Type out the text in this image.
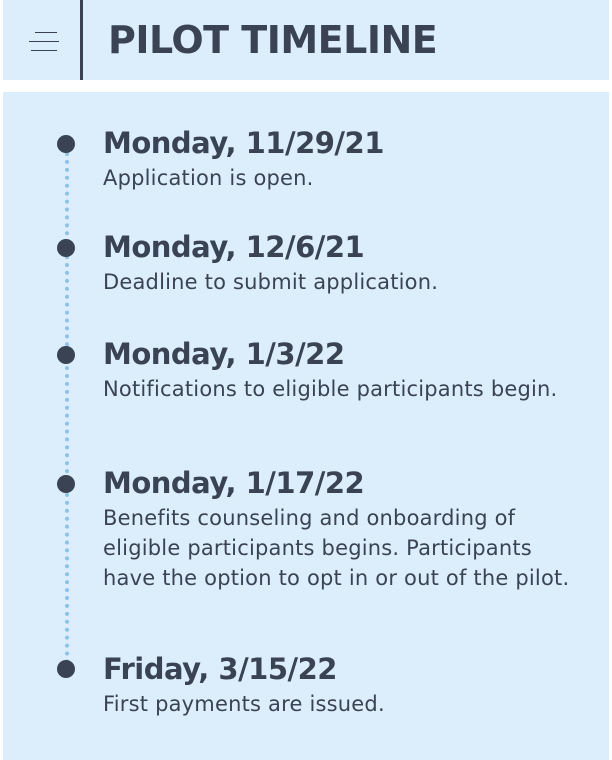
PILOT TIMELINE
Monday, 11/29/21
Application is open.
Monday, 12/6/21
Deadline to submit application.
Monday, 1/3/22
Notifications to eligible participants begin.
Monday, 1/17/22
Benefits counseling and onboarding of eligible participants begins. Participants have the option to opt in or out of the pilot.
Friday, 3/15/22
First payments are issued.
